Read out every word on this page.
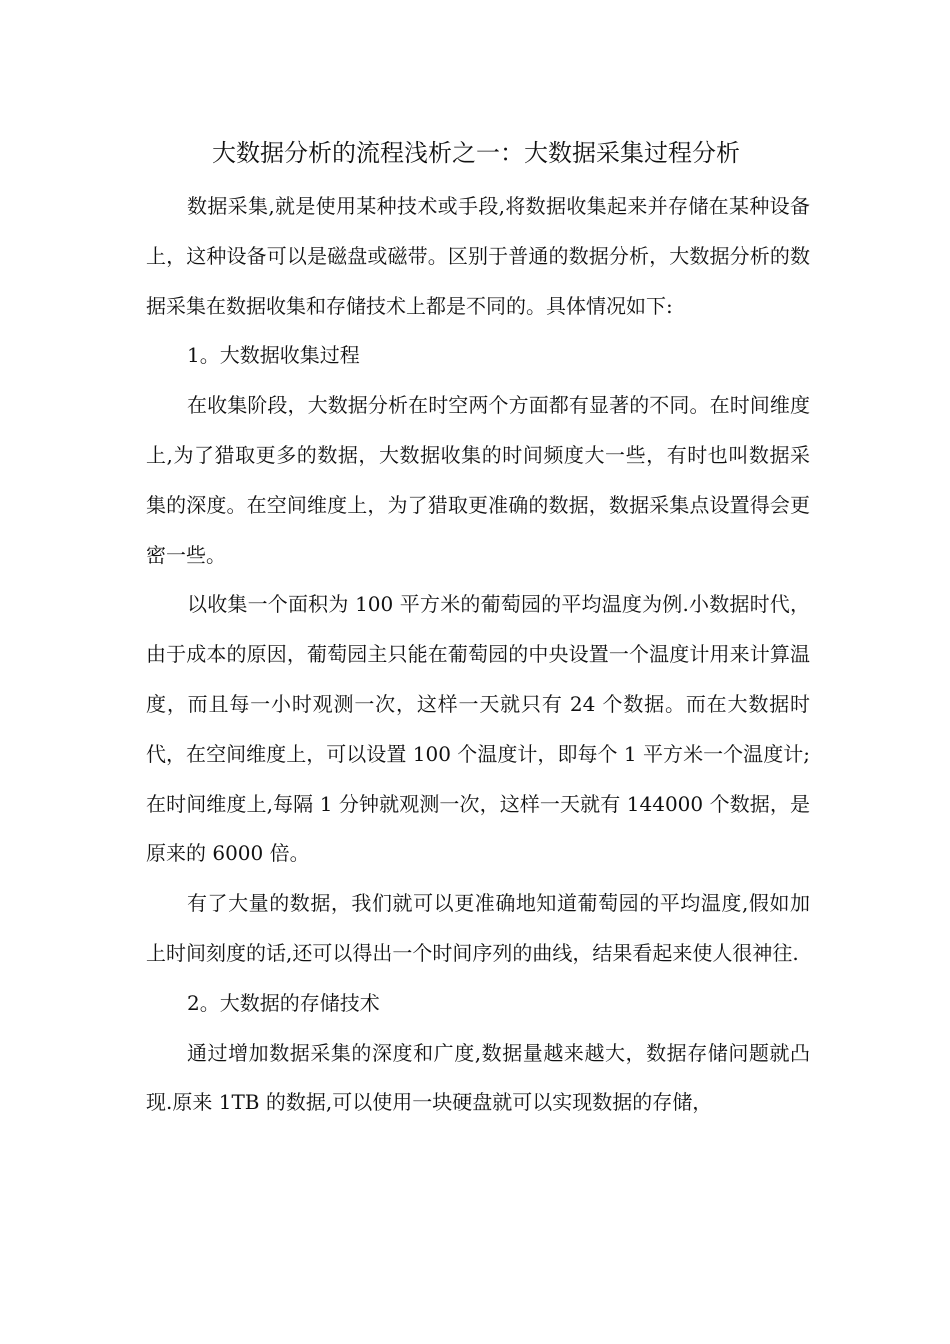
大数据分析的流程浅析之一：大数据采集过程分析

数据采集,就是使用某种技术或手段,将数据收集起来并存储在某种设备上，这种设备可以是磁盘或磁带。区别于普通的数据分析，大数据分析的数据采集在数据收集和存储技术上都是不同的。具体情况如下:

1。大数据收集过程

在收集阶段，大数据分析在时空两个方面都有显著的不同。在时间维度上,为了猎取更多的数据，大数据收集的时间频度大一些，有时也叫数据采集的深度。在空间维度上，为了猎取更准确的数据，数据采集点设置得会更密一些。

以收集一个面积为 100 平方米的葡萄园的平均温度为例.小数据时代，由于成本的原因，葡萄园主只能在葡萄园的中央设置一个温度计用来计算温度，而且每一小时观测一次，这样一天就只有 24 个数据。而在大数据时代，在空间维度上，可以设置 100 个温度计，即每个 1 平方米一个温度计; 在时间维度上,每隔 1 分钟就观测一次，这样一天就有 144000 个数据，是原来的 6000 倍。

有了大量的数据，我们就可以更准确地知道葡萄园的平均温度,假如加上时间刻度的话,还可以得出一个时间序列的曲线，结果看起来使人很神往.

2。大数据的存储技术

通过增加数据采集的深度和广度,数据量越来越大，数据存储问题就凸现.原来 1TB 的数据,可以使用一块硬盘就可以实现数据的存储，
